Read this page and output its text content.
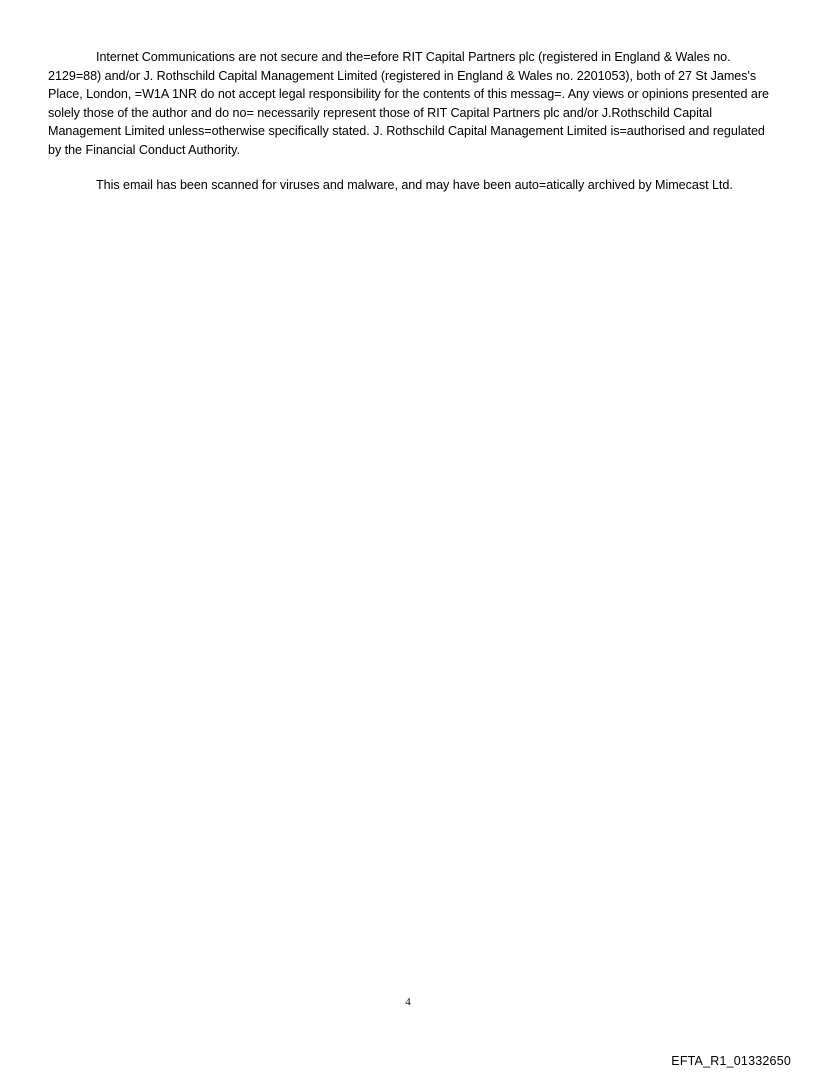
Internet Communications are not secure and the=efore RIT Capital Partners plc (registered in England & Wales no. 2129=88) and/or J. Rothschild Capital Management Limited (registered in England & Wales no. 2201053), both of 27 St James's Place, London, =W1A 1NR do not accept legal responsibility for the contents of this messag=. Any views or opinions presented are solely those of the author and do no= necessarily represent those of RIT Capital Partners plc and/or J.Rothschild Capital Management Limited unless=otherwise specifically stated. J. Rothschild Capital Management Limited is=authorised and regulated by the Financial Conduct Authority.

This email has been scanned for viruses and malware, and may have been auto=atically archived by Mimecast Ltd.

4
EFTA_R1_01332650
